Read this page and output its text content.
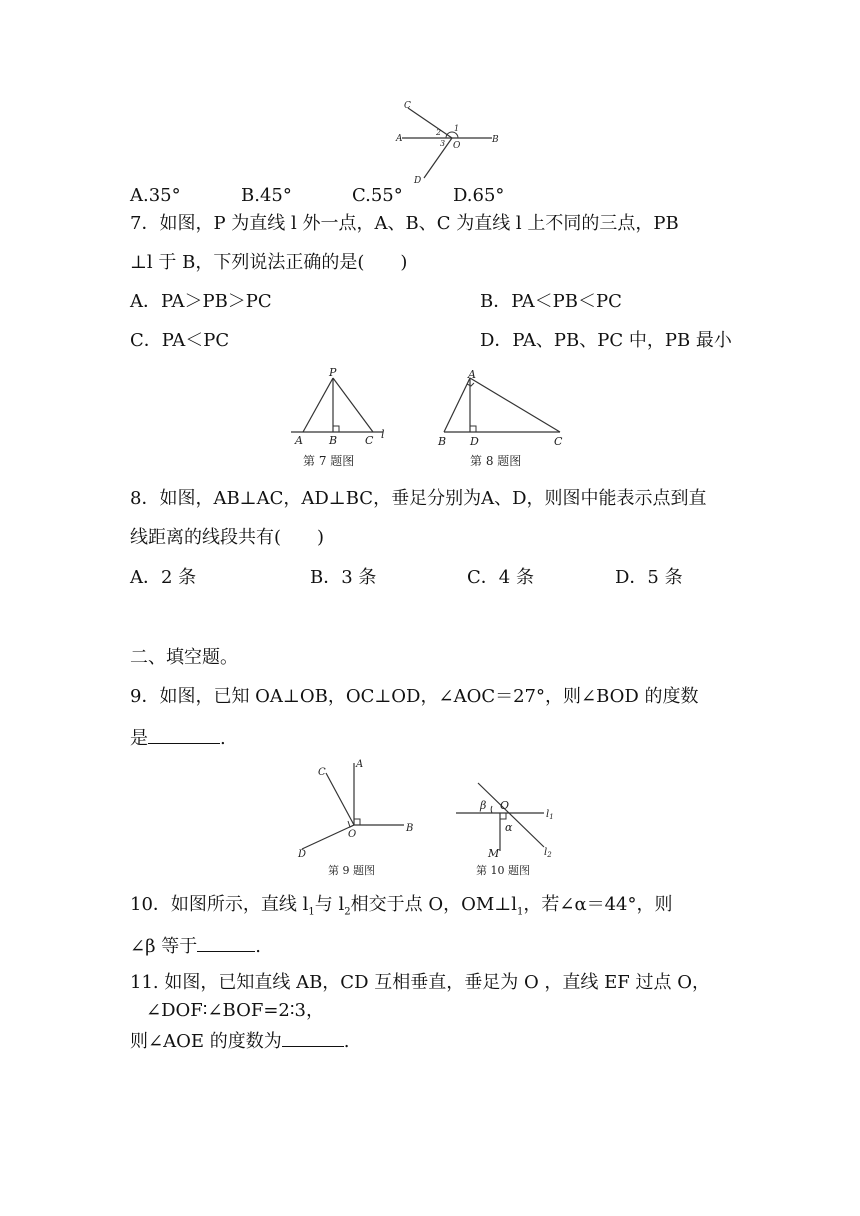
C
A
2 1
3 O
B
D
A.35°	B.45°	C.55°	D.65°
7．如图，P 为直线 l 外一点，A、B、C 为直线 l 上不同的三点，PB
⊥l 于 B，下列说法正确的是(　　)
A．PA＞PB＞PC	B．PA＜PB＜PC
C．PA＜PC	D．PA、PB、PC 中，PB 最小
P
A B	C l
第 7 题图
A
B D	C
第 8 题图
8．如图，AB⊥AC，AD⊥BC，垂足分别为A、D，则图中能表示点到直
线距离的线段共有(　　)
A．2 条	B．3 条	C．4 条	D．5 条
二、填空题。
9．如图，已知 OA⊥OB，OC⊥OD，∠AOC＝27°，则∠BOD 的度数
是	.
C
A
O
B
D
第 9 题图
β O
α
M
$l_1$
$l_2$
第 10 题图
10．如图所示，直线 $l_1$与 $l_2$相交于点 O，$OM\perp l_1$，若∠α＝44°，则
∠β 等于	.
11. 如图，已知直线 AB，CD 互相垂直，垂足为 O ，直线 EF 过点 O，
∠DOF∶∠BOF=2∶3，
则∠AOE 的度数为	.
